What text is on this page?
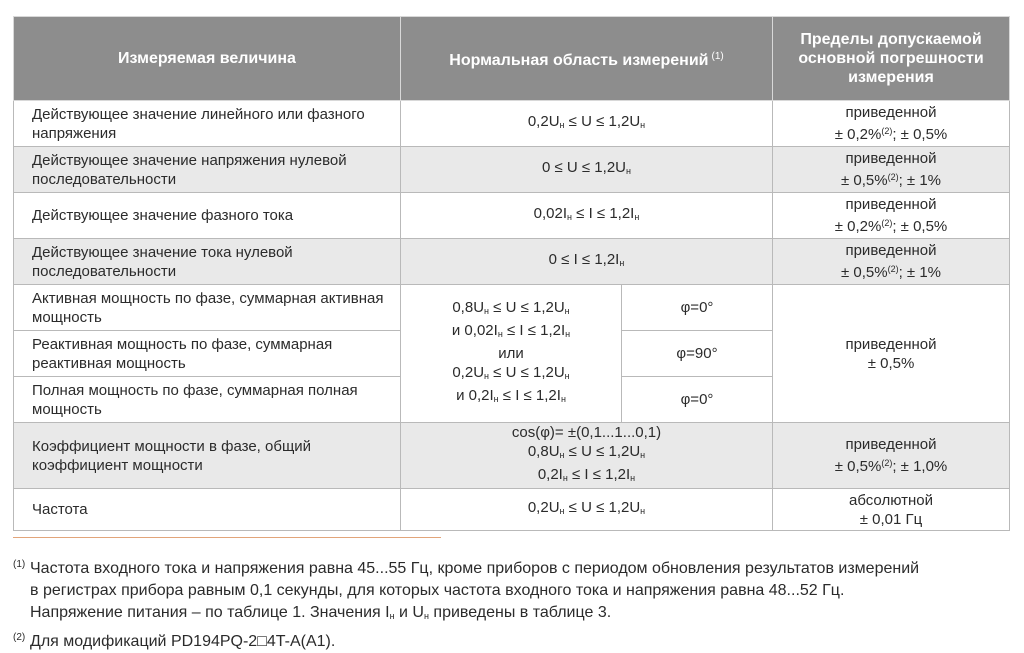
Измеряемая величина	Нормальная область измерений $^{(1)}$		Пределы допускаемой основной погрешности измерения
Действующее значение линейного или фазного напряжения	$0,2U_н \le U \le 1,2U_н$		приведенной
± 0,2%$^{(2)}$; ± 0,5%
Действующее значение напряжения нулевой последовательности	$0 \le U \le 1,2U_н$		приведенной
± 0,5%$^{(2)}$; ± 1%
Действующее значение фазного тока	$0,02I_н \le I \le 1,2I_н$		приведенной
± 0,2%$^{(2)}$; ± 0,5%
Действующее значение тока нулевой последовательности	$0 \le I \le 1,2I_н$		приведенной
± 0,5%$^{(2)}$; ± 1%
Активная мощность по фазе, суммарная активная мощность	$0,8U_н \le U \le 1,2U_н$
и $0,02I_н \le I \le 1,2I_н$
или
$0,2U_н \le U \le 1,2U_н$
и $0,2I_н \le I \le 1,2I_н$	φ=0°	приведенной
± 0,5%
Реактивная мощность по фазе, суммарная реактивная мощность		φ=90°	
Полная мощность по фазе, суммарная полная мощность		φ=0°	
Коэффициент мощности в фазе, общий коэффициент мощности	cos(φ)= ±(0,1...1...0,1)
$0,8U_н \le U \le 1,2U_н$
$0,2I_н \le I \le 1,2I_н$		приведенной
± 0,5%$^{(2)}$; ± 1,0%
Частота	$0,2U_н \le U \le 1,2U_н$		абсолютной
± 0,01 Гц
(1) Частота входного тока и напряжения равна 45...55 Гц, кроме приборов с периодом обновления результатов измерений
в регистрах прибора равным 0,1 секунды, для которых частота входного тока и напряжения равна 48...52 Гц.
Напряжение питания – по таблице 1. Значения $I_н$ и $U_н$ приведены в таблице 3.
(2) Для модификаций PD194PQ-2□4T-A(A1).
